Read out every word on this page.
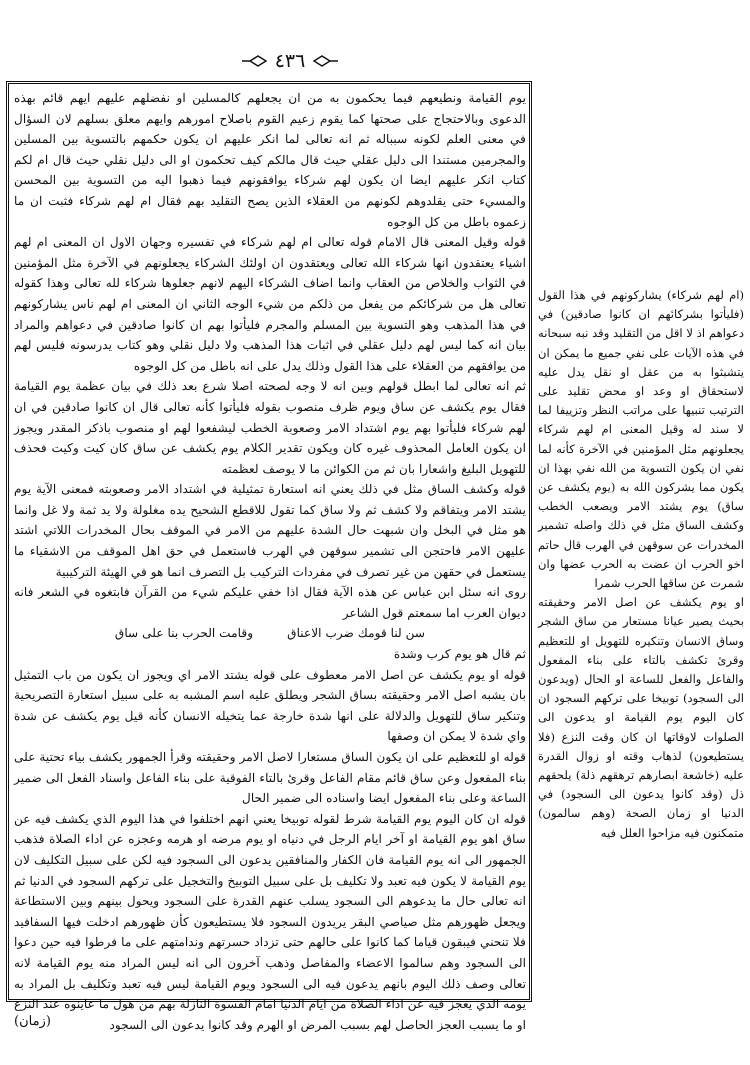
٤٣٦

يوم القيامة ونطيعهم فيما يحكمون به من ان يجعلهم كالمسلين او نفضلهم عليهم ايهم قائم بهذه الدعوى وبالاحتجاج على صحتها كما يقوم زعيم القوم باصلاح امورهم وايهم معلق بسلهم لان السؤال في معنى العلم لكونه سبباله ثم انه تعالى لما انكر عليهم ان يكون حكمهم بالتسوية بين المسلين والمجرمين مستندا الى دليل عقلي حيث قال مالكم كيف تحكمون او الى دليل نقلي حيث قال ام لكم كتاب انكر عليهم ايضا ان يكون لهم شركاء يوافقونهم فيما ذهبوا اليه من التسوية بين المحسن والمسيء حتى يقلدوهم لكونهم من العقلاء الذين يصح التقليد بهم فقال ام لهم شركاء فثبت ان ما زعموه باطل من كل الوجوه

قوله وقيل المعنى قال الامام قوله تعالى ام لهم شركاء في تفسيره وجهان الاول ان المعنى ام لهم اشياء يعتقدون انها شركاء الله تعالى ويعتقدون ان اولئك الشركاء يجعلونهم في الآخرة مثل المؤمنين في الثواب والخلاص من العقاب وانما اضاف الشركاء اليهم لانهم جعلوها شركاء لله تعالى وهذا كقوله تعالى هل من شركائكم من يفعل من ذلكم من شيء الوجه الثاني ان المعنى ام لهم ناس يشاركونهم في هذا المذهب وهو التسوية بين المسلم والمجرم فليأتوا بهم ان كانوا صادقين في دعواهم والمراد بيان انه كما ليس لهم دليل عقلي في اثبات هذا المذهب ولا دليل نقلي وهو كتاب يدرسونه فليس لهم من يوافقهم من العقلاء على هذا القول وذلك يدل على انه باطل من كل الوجوه

ثم انه تعالى لما ابطل قولهم وبين انه لا وجه لصحته اصلا شرع بعد ذلك في بيان عظمة يوم القيامة فقال يوم يكشف عن ساق ويوم ظرف منصوب بقوله فليأتوا كأنه تعالى قال ان كانوا صادقين في ان لهم شركاء فليأتوا بهم يوم اشتداد الامر وصعوبة الخطب ليشفعوا لهم او منصوب باذكر المقدر ويجوز ان يكون العامل المحذوف غيره كان ويكون تقدير الكلام يوم يكشف عن ساق كان كيت وكيت فحذف للتهويل البليغ واشعارا بان ثم من الكوائن ما لا يوصف لعظمته

قوله وكشف الساق مثل في ذلك يعني انه استعارة تمثيلية في اشتداد الامر وصعوبته فمعنى الآية يوم يشتد الامر ويتفاقم ولا كشف ثم ولا ساق كما تقول للاقطع الشحيح يده مغلولة ولا يد ثمة ولا غل وانما هو مثل في البخل وان شبهت حال الشدة عليهم من الامر في الموقف بحال المخدرات اللاتي اشتد عليهن الامر فاحتجن الى تشمير سوقهن في الهرب فاستعمل في حق اهل الموقف من الاشقياء ما يستعمل في حقهن من غير تصرف في مفردات التركيب بل التصرف انما هو في الهيئة التركيبية

روى انه سئل ابن عباس عن هذه الآية فقال اذا خفي عليكم شيء من القرآن فابتغوه في الشعر فانه ديوان العرب اما سمعتم قول الشاعر

سن لنا قومك ضرب الاعناق
وقامت الحرب بنا على ساق

ثم قال هو يوم كرب وشدة

قوله او يوم يكشف عن اصل الامر معطوف على قوله يشتد الامر اي ويجوز ان يكون من باب التمثيل بان يشبه اصل الامر وحقيقته بساق الشجر ويطلق عليه اسم المشبه به على سبيل استعارة التصريحية وتنكير ساق للتهويل والدلالة على انها شدة خارجة عما يتخيله الانسان كأنه قيل يوم يكشف عن شدة واي شدة لا يمكن ان وصفها

قوله او للتعظيم على ان يكون الساق مستعارا لاصل الامر وحقيقته وقرأ الجمهور يكشف بياء تحتية على بناء المفعول وعن ساق قائم مقام الفاعل وقرئ بالتاء الفوقية على بناء الفاعل واسناد الفعل الى ضمير الساعة وعلى بناء المفعول ايضا واسناده الى ضمير الحال

قوله ان كان اليوم يوم القيامة شرط لقوله توبيخا يعني انهم اختلفوا في هذا اليوم الذي يكشف فيه عن ساق اهو يوم القيامة او آخر ايام الرجل في دنياه او يوم مرضه او هرمه وعجزه عن اداء الصلاة فذهب الجمهور الى انه يوم القيامة فان الكفار والمنافقين يدعون الى السجود فيه لكن على سبيل التكليف لان يوم القيامة لا يكون فيه تعبد ولا تكليف بل على سبيل التوبيخ والتخجيل على تركهم السجود في الدنيا ثم انه تعالى حال ما يدعوهم الى السجود يسلب عنهم القدرة على السجود ويحول بينهم وبين الاستطاعة ويجعل ظهورهم مثل صياصي البقر يريدون السجود فلا يستطيعون كأن ظهورهم ادخلت فيها السفافيد فلا تنحني فيبقون قياما كما كانوا على حالهم حتى تزداد حسرتهم وندامتهم على ما فرطوا فيه حين دعوا الى السجود وهم سالموا الاعضاء والمفاصل وذهب آخرون الى انه ليس المراد منه يوم القيامة لانه تعالى وصف ذلك اليوم بانهم يدعون فيه الى السجود ويوم القيامة ليس فيه تعبد وتكليف بل المراد به يومه الذي يعجز فيه عن اداء الصلاة من ايام الدنيا امام القسوة النازلة بهم من هول ما عاينوه عند النزع او ما يسبب العجز الحاصل لهم بسبب المرض او الهرم وقد كانوا يدعون الى السجود

(ام لهم شركاء) يشاركونهم في هذا القول (فليأتوا بشركائهم ان كانوا صادقين) في دعواهم اذ لا اقل من التقليد وقد نبه سبحانه في هذه الآيات على نفي جميع ما يمكن ان يتشبثوا به من عقل او نقل يدل عليه لاستحقاق او وعد او محض تقليد على الترتيب تنبيها على مراتب النظر وتزييفا لما لا سند له وقيل المعنى ام لهم شركاء يجعلونهم مثل المؤمنين في الآخرة كأنه لما نفي ان يكون التسوية من الله نفي بهذا ان يكون مما يشركون الله به (يوم يكشف عن ساق) يوم يشتد الامر ويصعب الخطب وكشف الساق مثل في ذلك واصله تشمير المخدرات عن سوقهن في الهرب قال حاتم اخو الحرب ان عضت به الحرب عضها وان شمرت عن ساقها الحرب شمرا

او يوم يكشف عن اصل الامر وحقيقته بحيث يصير عيانا مستعار من ساق الشجر وساق الانسان وتنكيره للتهويل او للتعظيم وقرئ تكشف بالتاء على بناء المفعول والفاعل والفعل للساعة او الحال (ويدعون الى السجود) توبيخا على تركهم السجود ان كان اليوم يوم القيامة او يدعون الى الصلوات لاوقاتها ان كان وقت النزع (فلا يستطيعون) لذهاب وقته او زوال القدرة عليه (خاشعة ابصارهم ترهقهم ذلة) يلحقهم ذل (وقد كانوا يدعون الى السجود) في الدنيا او زمان الصحة (وهم سالمون) متمكنون فيه مزاحوا العلل فيه

(زمان)
